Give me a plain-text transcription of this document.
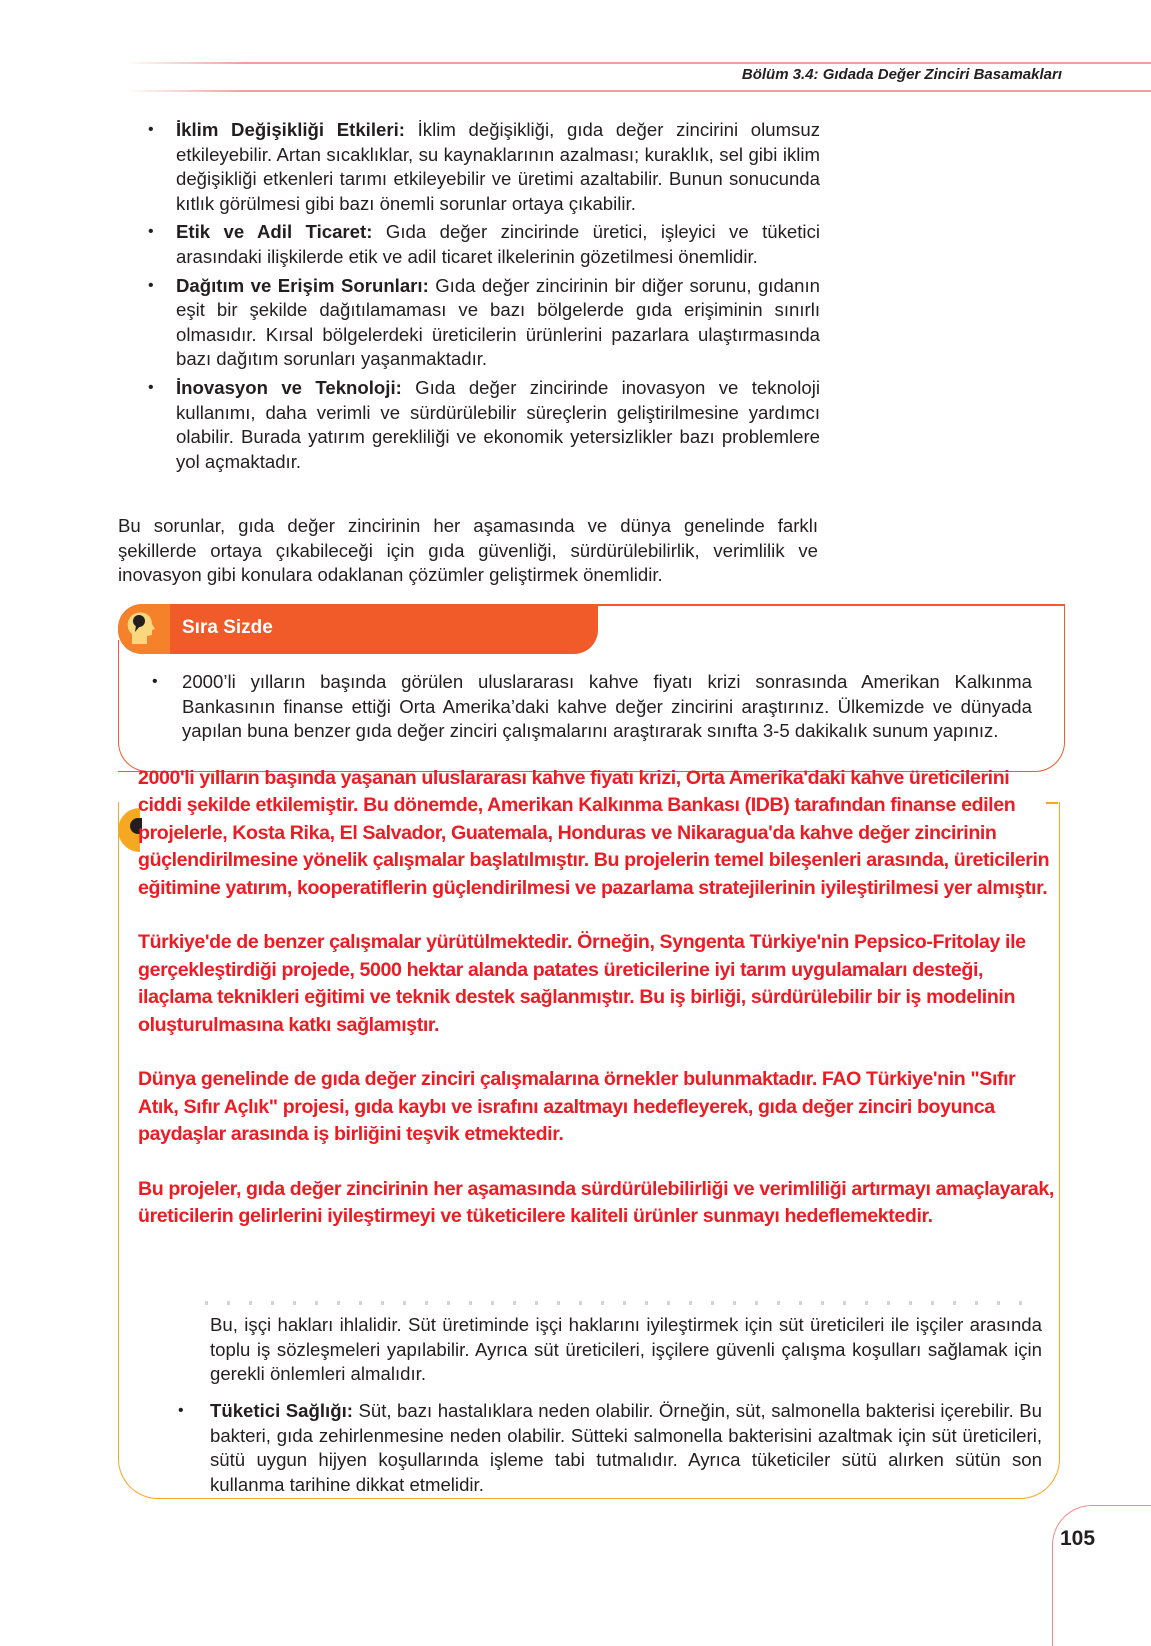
Bölüm 3.4: Gıdada Değer Zinciri Basamakları
• İklim Değişikliği Etkileri: İklim değişikliği, gıda değer zincirini olumsuz etkileyebilir. Artan sıcaklıklar, su kaynaklarının azalması; kuraklık, sel gibi iklim değişikliği etkenleri tarımı etkileyebilir ve üretimi azaltabilir. Bunun sonucunda kıtlık görülmesi gibi bazı önemli sorunlar ortaya çıkabilir.
• Etik ve Adil Ticaret: Gıda değer zincirinde üretici, işleyici ve tüketici arasındaki ilişkilerde etik ve adil ticaret ilkelerinin gözetilmesi önemlidir.
• Dağıtım ve Erişim Sorunları: Gıda değer zincirinin bir diğer sorunu, gıdanın eşit bir şekilde dağıtılamaması ve bazı bölgelerde gıda erişiminin sınırlı olmasıdır. Kırsal bölgelerdeki üreticilerin ürünlerini pazarlara ulaştırmasında bazı dağıtım sorunları yaşanmaktadır.
• İnovasyon ve Teknoloji: Gıda değer zincirinde inovasyon ve teknoloji kullanımı, daha verimli ve sürdürülebilir süreçlerin geliştirilmesine yardımcı olabilir. Burada yatırım gerekliliği ve ekonomik yetersizlikler bazı problemlere yol açmaktadır.

Bu sorunlar, gıda değer zincirinin her aşamasında ve dünya genelinde farklı şekillerde ortaya çıkabileceği için gıda güvenliği, sürdürülebilirlik, verimlilik ve inovasyon gibi konulara odaklanan çözümler geliştirmek önemlidir.

Sıra Sizde
•	2000’li yılların başında görülen uluslararası kahve fiyatı krizi sonrasında Amerikan Kalkınma Bankasının finanse ettiği Orta Amerika’daki kahve değer zincirini araştırınız. Ülkemizde ve dünyada yapılan buna benzer gıda değer zinciri çalışmalarını araştırarak sınıfta 3-5 dakikalık sunum yapınız.

Bu, işçi hakları ihlalidir. Süt üretiminde işçi haklarını iyileştirmek için süt üreticileri ile işçiler arasında toplu iş sözleşmeleri yapılabilir. Ayrıca süt üreticileri, işçilere güvenli çalışma koşulları sağlamak için gerekli önlemleri almalıdır.

•	Tüketici Sağlığı: Süt, bazı hastalıklara neden olabilir. Örneğin, süt, salmonella bakterisi içerebilir. Bu bakteri, gıda zehirlenmesine neden olabilir. Sütteki salmonella bakterisini azaltmak için süt üreticileri, sütü uygun hijyen koşullarında işleme tabi tutmalıdır. Ayrıca tüketiciler sütü alırken sütün son kullanma tarihine dikkat etmelidir.

2000'li yılların başında yaşanan uluslararası kahve fiyatı krizi, Orta Amerika'daki kahve üreticilerini ciddi şekilde etkilemiştir. Bu dönemde, Amerikan Kalkınma Bankası (IDB) tarafından finanse edilen projelerle, Kosta Rika, El Salvador, Guatemala, Honduras ve Nikaragua'da kahve değer zincirinin güçlendirilmesine yönelik çalışmalar başlatılmıştır. Bu projelerin temel bileşenleri arasında, üreticilerin eğitimine yatırım, kooperatiflerin güçlendirilmesi ve pazarlama stratejilerinin iyileştirilmesi yer almıştır.

Türkiye'de de benzer çalışmalar yürütülmektedir. Örneğin, Syngenta Türkiye'nin Pepsico-Fritolay ile gerçekleştirdiği projede, 5000 hektar alanda patates üreticilerine iyi tarım uygulamaları desteği, ilaçlama teknikleri eğitimi ve teknik destek sağlanmıştır. Bu iş birliği, sürdürülebilir bir iş modelinin oluşturulmasına katkı sağlamıştır.

Dünya genelinde de gıda değer zinciri çalışmalarına örnekler bulunmaktadır. FAO Türkiye'nin "Sıfır Atık, Sıfır Açlık" projesi, gıda kaybı ve israfını azaltmayı hedefleyerek, gıda değer zinciri boyunca paydaşlar arasında iş birliğini teşvik etmektedir.

Bu projeler, gıda değer zincirinin her aşamasında sürdürülebilirliği ve verimliliği artırmayı amaçlayarak, üreticilerin gelirlerini iyileştirmeyi ve tüketicilere kaliteli ürünler sunmayı hedeflemektedir.

105
